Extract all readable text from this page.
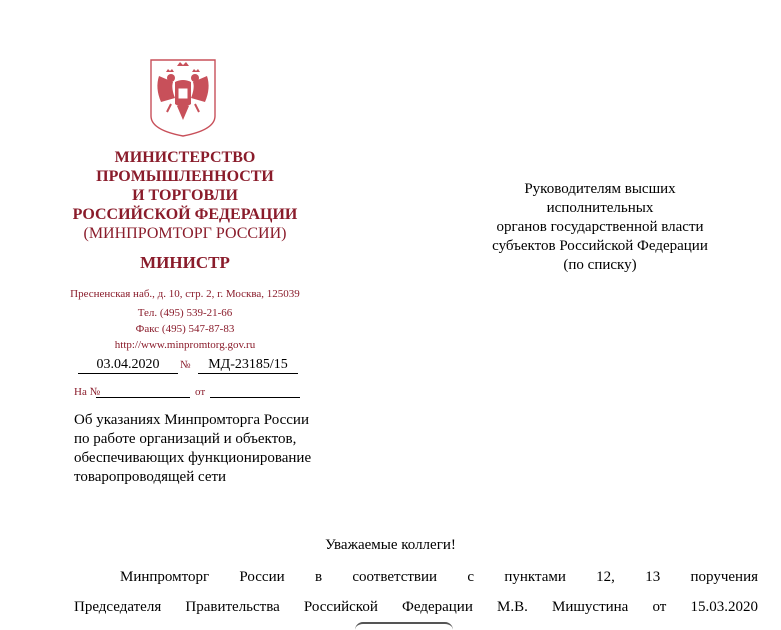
МИНИСТЕРСТВО
ПРОМЫШЛЕННОСТИ
И ТОРГОВЛИ
РОССИЙСКОЙ ФЕДЕРАЦИИ
(МИНПРОМТОРГ РОССИИ)
МИНИСТР
Пресненская наб., д. 10, стр. 2, г. Москва, 125039
Тел. (495) 539-21-66
Факс (495) 547-87-83
http://www.minpromtorg.gov.ru
03.04.2020	№	МД-23185/15
На №	от
Об указаниях Минпромторга России
по работе организаций и объектов,
обеспечивающих функционирование
товаропроводящей сети
Руководителям высших
исполнительных
органов государственной власти
субъектов Российской Федерации
(по списку)
Уважаемые коллеги!
Минпромторг России в соответствии с пунктами 12, 13 поручения
Председателя Правительства Российской Федерации М.В. Мишустина от 15.03.2020
